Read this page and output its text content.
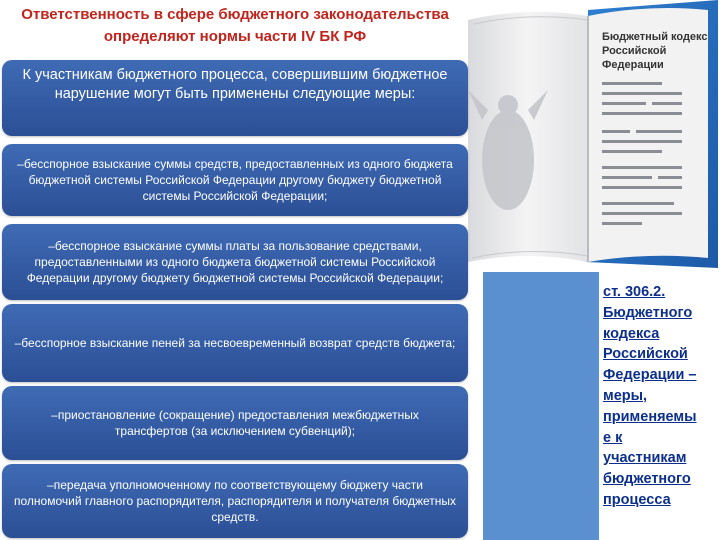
Бюджетный кодекс
Российской
Федерации
Ответственность в сфере бюджетного законодательства
определяют нормы части IV БК РФ
К участникам бюджетного процесса, совершившим бюджетное нарушение могут быть применены следующие меры:
–бесспорное взыскание суммы средств, предоставленных из одного бюджета бюджетной системы Российской Федерации другому бюджету бюджетной системы Российской Федерации;
–бесспорное взыскание суммы платы за пользование средствами, предоставленными из одного бюджета бюджетной системы Российской Федерации другому бюджету бюджетной системы Российской Федерации;
–бесспорное взыскание пеней за несвоевременный возврат средств бюджета;
–приостановление (сокращение) предоставления межбюджетных трансфертов (за исключением субвенций);
–передача уполномоченному по соответствующему бюджету части полномочий главного распорядителя, распорядителя и получателя бюджетных средств.
ст. 306.2.
Бюджетного
кодекса
Российской
Федерации –
меры,
применяемы
е к
участникам
бюджетного
процесса
